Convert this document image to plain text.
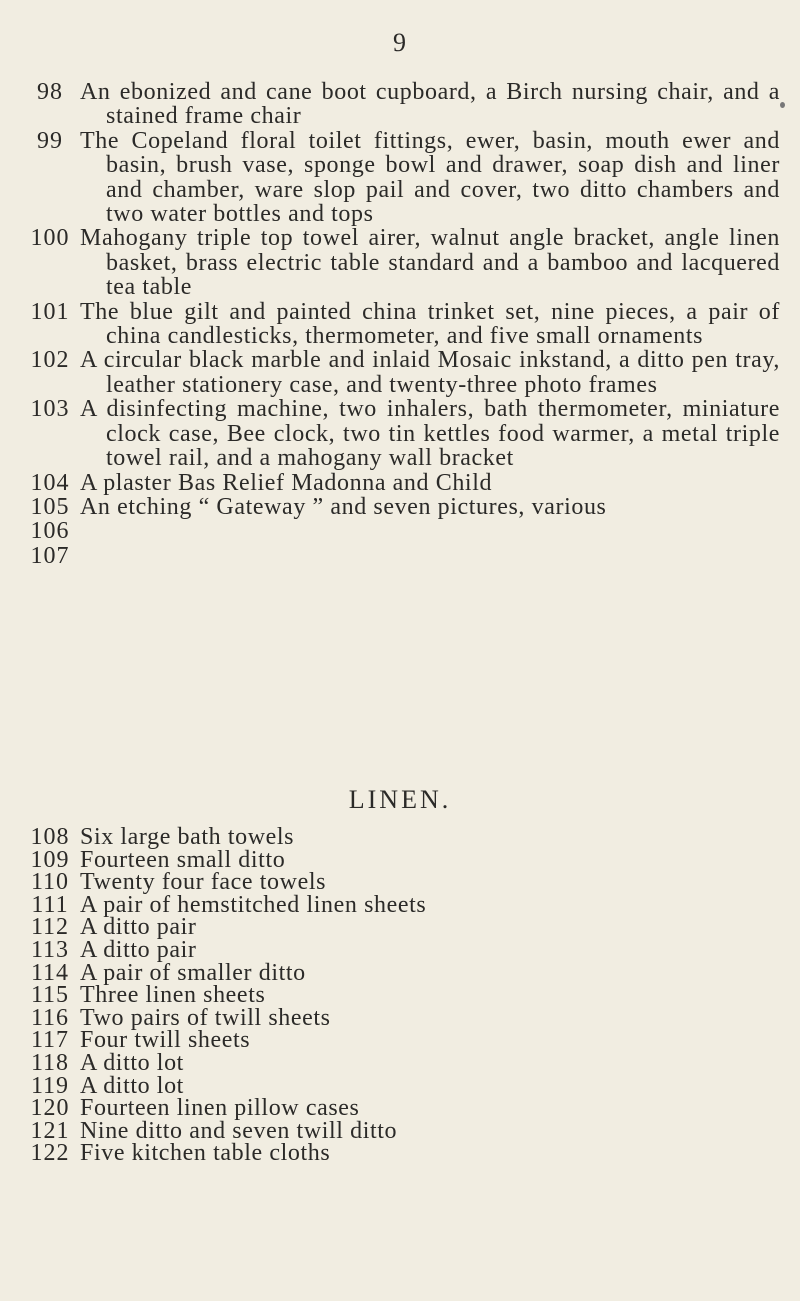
9
98 An ebonized and cane boot cupboard, a Birch nursing chair, and a stained frame chair
99 The Copeland floral toilet fittings, ewer, basin, mouth ewer and basin, brush vase, sponge bowl and drawer, soap dish and liner and chamber, ware slop pail and cover, two ditto chambers and two water bottles and tops
100 Mahogany triple top towel airer, walnut angle bracket, angle linen basket, brass electric table standard and a bamboo and lacquered tea table
101 The blue gilt and painted china trinket set, nine pieces, a pair of china candlesticks, thermometer, and five small ornaments
102 A circular black marble and inlaid Mosaic inkstand, a ditto pen tray, leather stationery case, and twenty-three photo frames
103 A disinfecting machine, two inhalers, bath thermometer, miniature clock case, Bee clock, two tin kettles food warmer, a metal triple towel rail, and a mahogany wall bracket
104 A plaster Bas Relief Madonna and Child
105 An etching “ Gateway ” and seven pictures, various
106
107
LINEN.
108 Six large bath towels
109 Fourteen small ditto
110 Twenty four face towels
111 A pair of hemstitched linen sheets
112 A ditto pair
113 A ditto pair
114 A pair of smaller ditto
115 Three linen sheets
116 Two pairs of twill sheets
117 Four twill sheets
118 A ditto lot
119 A ditto lot
120 Fourteen linen pillow cases
121 Nine ditto and seven twill ditto
122 Five kitchen table cloths
